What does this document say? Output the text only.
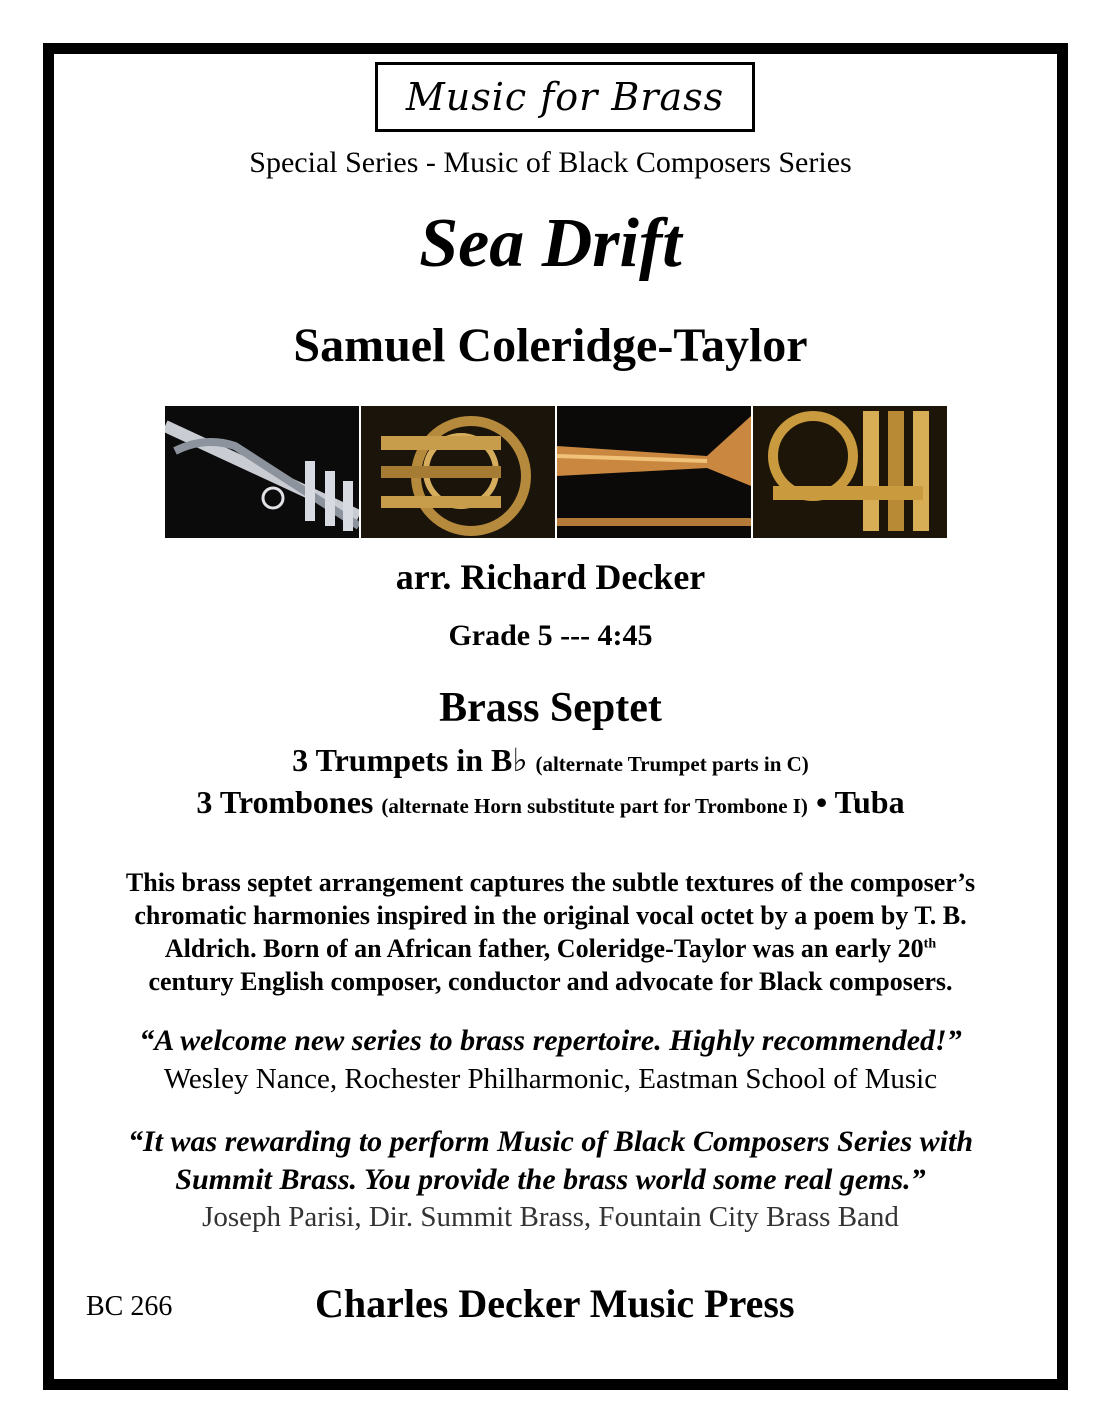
Music for Brass
Special Series - Music of Black Composers Series
Sea Drift
Samuel Coleridge-Taylor
arr. Richard Decker
Grade 5 --- 4:45
Brass Septet
3 Trumpets in B♭ (alternate Trumpet parts in C)
3 Trombones (alternate Horn substitute part for Trombone I) • Tuba
This brass septet arrangement captures the subtle textures of the composer’s
chromatic harmonies inspired in the original vocal octet by a poem by T. B.
Aldrich. Born of an African father, Coleridge-Taylor was an early 20th
century English composer, conductor and advocate for Black composers.
“A welcome new series to brass repertoire. Highly recommended!”
Wesley Nance, Rochester Philharmonic, Eastman School of Music
“It was rewarding to perform Music of Black Composers Series with
Summit Brass. You provide the brass world some real gems.”
Joseph Parisi, Dir. Summit Brass, Fountain City Brass Band
BC 266	Charles Decker Music Press
